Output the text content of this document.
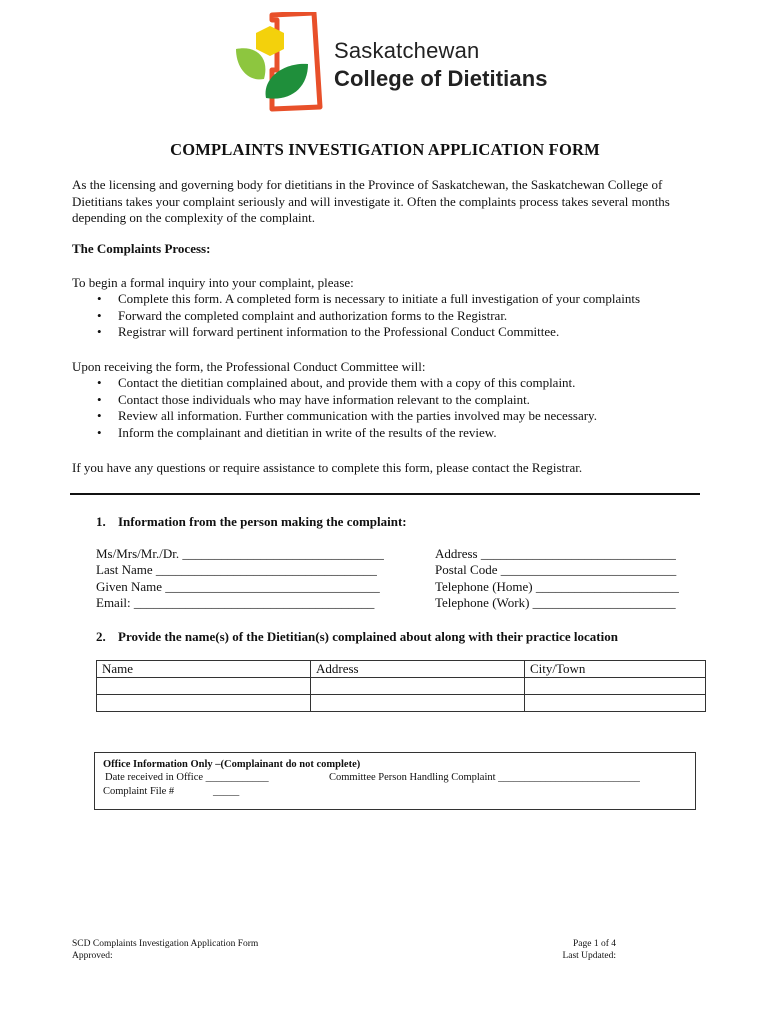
Saskatchewan
College of Dietitians
COMPLAINTS INVESTIGATION APPLICATION FORM
As the licensing and governing body for dietitians in the Province of Saskatchewan, the Saskatchewan College of Dietitians takes your complaint seriously and will investigate it. Often the complaints process takes several months depending on the complexity of the complaint.
The Complaints Process:
To begin a formal inquiry into your complaint, please:
• Complete this form. A completed form is necessary to initiate a full investigation of your complaints
• Forward the completed complaint and authorization forms to the Registrar.
• Registrar will forward pertinent information to the Professional Conduct Committee.
Upon receiving the form, the Professional Conduct Committee will:
• Contact the dietitian complained about, and provide them with a copy of this complaint.
• Contact those individuals who may have information relevant to the complaint.
• Review all information. Further communication with the parties involved may be necessary.
• Inform the complainant and dietitian in write of the results of the review.
If you have any questions or require assistance to complete this form, please contact the Registrar.
1. Information from the person making the complaint:
Ms/Mrs/Mr./Dr. _______________________________
Last Name __________________________________
Given Name _________________________________
Email: _____________________________________
Address ______________________________
Postal Code ___________________________
Telephone (Home) ______________________
Telephone (Work) ______________________
2. Provide the name(s) of the Dietitian(s) complained about along with their practice location
Name	Address	City/Town

Office Information Only –(Complainant do not complete)
Date received in Office ____________	Committee Person Handling Complaint ___________________________
Complaint File #	_____
SCD Complaints Investigation Application Form
Approved:
Page 1 of 4
Last Updated:
